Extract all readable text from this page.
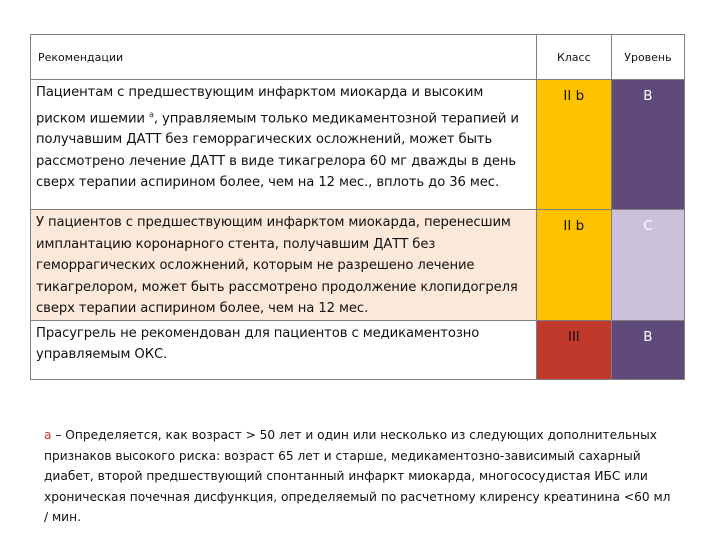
Рекомендации	Класс	Уровень
Пациентам с предшествующим инфарктом миокарда и высоким риском ишемии $^a$, управляемым только медикаментозной терапией и получавшим ДАТТ без геморрагических осложнений, может быть рассмотрено лечение ДАТТ в виде тикагрелора 60 мг дважды в день сверх терапии аспирином более, чем на 12 мес., вплоть до 36 мес.	II b	B
У пациентов с предшествующим инфарктом миокарда, перенесшим имплантацию коронарного стента, получавшим ДАТТ без геморрагических осложнений, которым не разрешено лечение тикагрелором, может быть рассмотрено продолжение клопидогреля сверх терапии аспирином более, чем на 12 мес.	II b	C
Прасугрель не рекомендован для пациентов с медикаментозно управляемым ОКС.	III	B
a – Определяется, как возраст > 50 лет и один или несколько из следующих дополнительных признаков высокого риска: возраст 65 лет и старше, медикаментозно-зависимый сахарный диабет, второй предшествующий спонтанный инфаркт миокарда, многососудистая ИБС или хроническая почечная дисфункция, определяемый по расчетному клиренсу креатинина <60 мл / мин.
